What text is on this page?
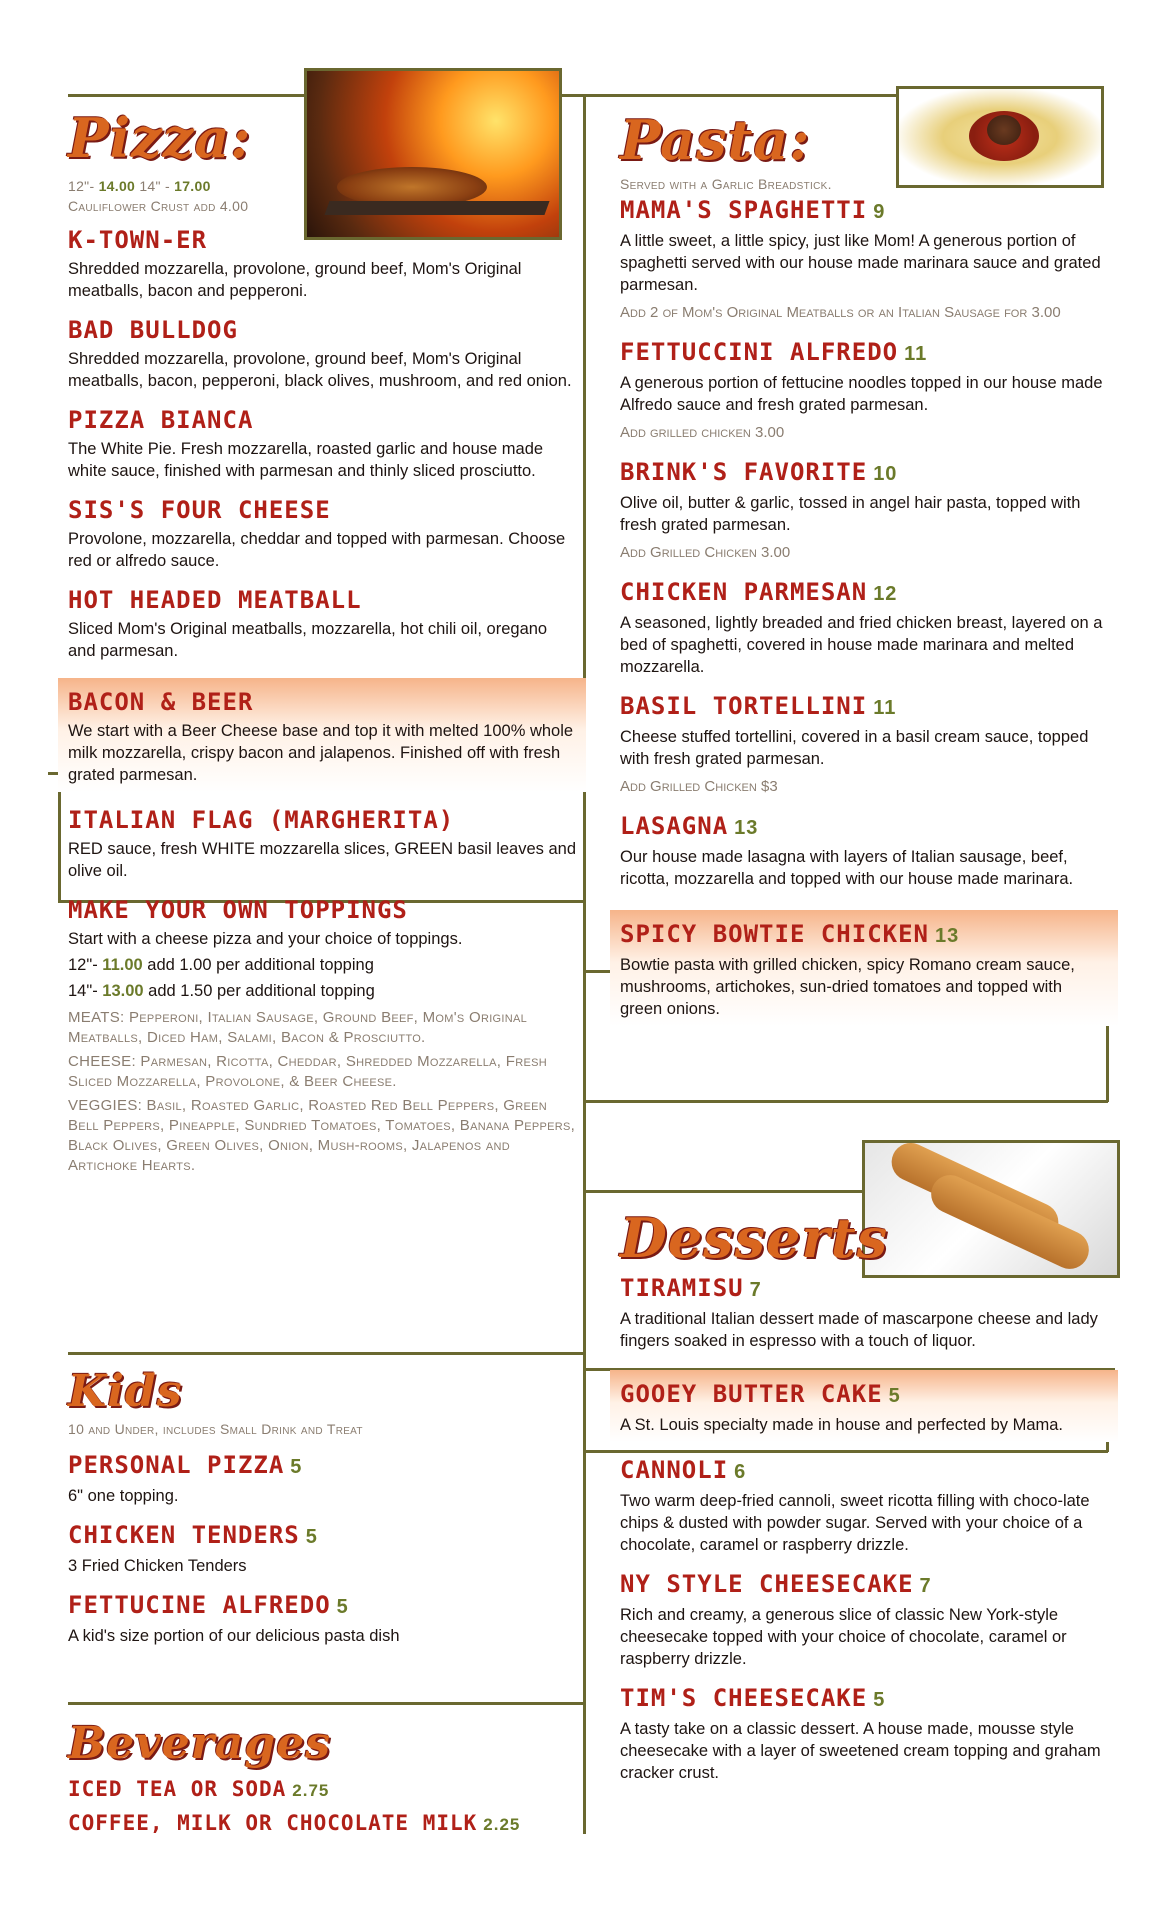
Pizza:
12"- 14.00 14" - 17.00
Cauliflower Crust add 4.00
K-TOWN-ER
Shredded mozzarella, provolone, ground beef, Mom's Original meatballs, bacon and pepperoni.
BAD BULLDOG
Shredded mozzarella, provolone, ground beef, Mom's Original meatballs, bacon, pepperoni, black olives, mushroom, and red onion.
PIZZA BIANCA
The White Pie. Fresh mozzarella, roasted garlic and house made white sauce, finished with parmesan and thinly sliced prosciutto.
SIS'S FOUR CHEESE
Provolone, mozzarella, cheddar and topped with parmesan. Choose red or alfredo sauce.
HOT HEADED MEATBALL
Sliced Mom's Original meatballs, mozzarella, hot chili oil, oregano and parmesan.
BACON & BEER
We start with a Beer Cheese base and top it with melted 100% whole milk mozzarella, crispy bacon and jalapenos. Finished off with fresh grated parmesan.
ITALIAN FLAG (MARGHERITA)
RED sauce, fresh WHITE mozzarella slices, GREEN basil leaves and olive oil.
MAKE YOUR OWN TOPPINGS
Start with a cheese pizza and your choice of toppings.
12"- 11.00 add 1.00 per additional topping
14"- 13.00 add 1.50 per additional topping
MEATS: Pepperoni, Italian Sausage, Ground Beef, Mom's Original Meatballs, Diced Ham, Salami, Bacon & Prosciutto.
CHEESE: Parmesan, Ricotta, Cheddar, Shredded Mozzarella, Fresh Sliced Mozzarella, Provolone, & Beer Cheese.
VEGGIES: Basil, Roasted Garlic, Roasted Red Bell Peppers, Green Bell Peppers, Pineapple, Sundried Tomatoes, Tomatoes, Banana Peppers, Black Olives, Green Olives, Onion, Mush-rooms, Jalapenos and Artichoke Hearts.
Kids
10 and Under, includes Small Drink and Treat
PERSONAL PIZZA 5
6" one topping.
CHICKEN TENDERS 5
3 Fried Chicken Tenders
FETTUCINE ALFREDO 5
A kid's size portion of our delicious pasta dish
Beverages
ICED TEA OR SODA 2.75
COFFEE, MILK OR CHOCOLATE MILK 2.25
Pasta:
Served with a Garlic Breadstick.
MAMA'S SPAGHETTI 9
A little sweet, a little spicy, just like Mom! A generous portion of spaghetti served with our house made marinara sauce and grated parmesan.
Add 2 of Mom's Original Meatballs or an Italian Sausage for 3.00
FETTUCCINI ALFREDO 11
A generous portion of fettucine noodles topped in our house made Alfredo sauce and fresh grated parmesan.
Add grilled chicken 3.00
BRINK'S FAVORITE 10
Olive oil, butter & garlic, tossed in angel hair pasta, topped with fresh grated parmesan.
Add Grilled Chicken 3.00
CHICKEN PARMESAN 12
A seasoned, lightly breaded and fried chicken breast, layered on a bed of spaghetti, covered in house made marinara and melted mozzarella.
BASIL TORTELLINI 11
Cheese stuffed tortellini, covered in a basil cream sauce, topped with fresh grated parmesan.
Add Grilled Chicken $3
LASAGNA 13
Our house made lasagna with layers of Italian sausage, beef, ricotta, mozzarella and topped with our house made marinara.
SPICY BOWTIE CHICKEN 13
Bowtie pasta with grilled chicken, spicy Romano cream sauce, mushrooms, artichokes, sun-dried tomatoes and topped with green onions.
Desserts
TIRAMISU 7
A traditional Italian dessert made of mascarpone cheese and lady fingers soaked in espresso with a touch of liquor.
GOOEY BUTTER CAKE 5
A St. Louis specialty made in house and perfected by Mama.
CANNOLI 6
Two warm deep-fried cannoli, sweet ricotta filling with choco-late chips & dusted with powder sugar. Served with your choice of a chocolate, caramel or raspberry drizzle.
NY STYLE CHEESECAKE 7
Rich and creamy, a generous slice of classic New York-style cheesecake topped with your choice of chocolate, caramel or raspberry drizzle.
TIM'S CHEESECAKE 5
A tasty take on a classic dessert. A house made, mousse style cheesecake with a layer of sweetened cream topping and graham cracker crust.
